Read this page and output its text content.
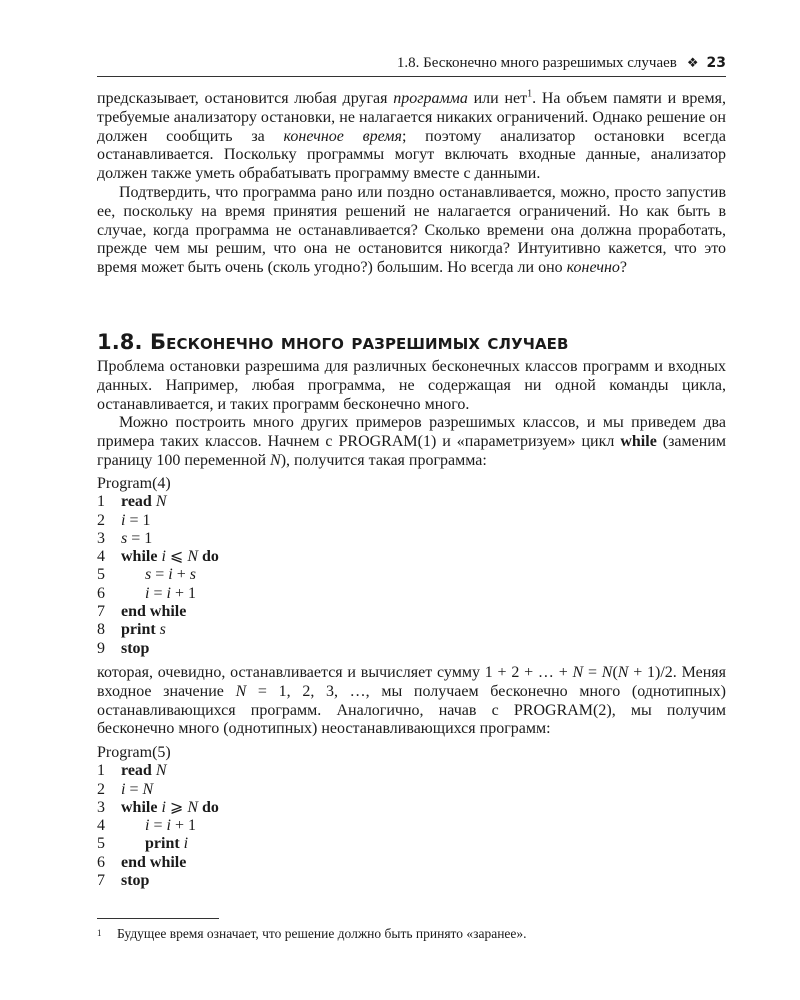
1.8. Бесконечно много разрешимых случаев ❖ 23

предсказывает, остановится любая другая программа или нет$^1$. На объем памяти и время, требуемые анализатору остановки, не налагается никаких ограничений. Однако решение он должен сообщить за конечное время; поэтому анализатор остановки всегда останавливается. Поскольку программы могут включать входные данные, анализатор должен также уметь обрабатывать программу вместе с данными.

Подтвердить, что программа рано или поздно останавливается, можно, просто запустив ее, поскольку на время принятия решений не налагается ограничений. Но как быть в случае, когда программа не останавливается? Сколько времени она должна проработать, прежде чем мы решим, что она не остановится никогда? Интуитивно кажется, что это время может быть очень (сколь угодно?) большим. Но всегда ли оно конечно?

1.8. Бесконечно много разрешимых случаев

Проблема остановки разрешима для различных бесконечных классов программ и входных данных. Например, любая программа, не содержащая ни одной команды цикла, останавливается, и таких программ бесконечно много.

Можно построить много других примеров разрешимых классов, и мы приведем два примера таких классов. Начнем с PROGRAM(1) и «параметризуем» цикл while (заменим границу 100 переменной N), получится такая программа:

Program(4)
1	read N
2	i = 1
3	s = 1
4	while i ⩽ N do
5	s = i + s
6	i = i + 1
7	end while
8	print s
9	stop

которая, очевидно, останавливается и вычисляет сумму 1 + 2 + … + N = N(N + 1)/2. Меняя входное значение N = 1, 2, 3, …, мы получаем бесконечно много (однотипных) останавливающихся программ. Аналогично, начав с PROGRAM(2), мы получим бесконечно много (однотипных) неостанавливающихся программ:

Program(5)
1	read N
2	i = N
3	while i ⩾ N do
4	i = i + 1
5	print i
6	end while
7	stop
1 Будущее время означает, что решение должно быть принято «заранее».
